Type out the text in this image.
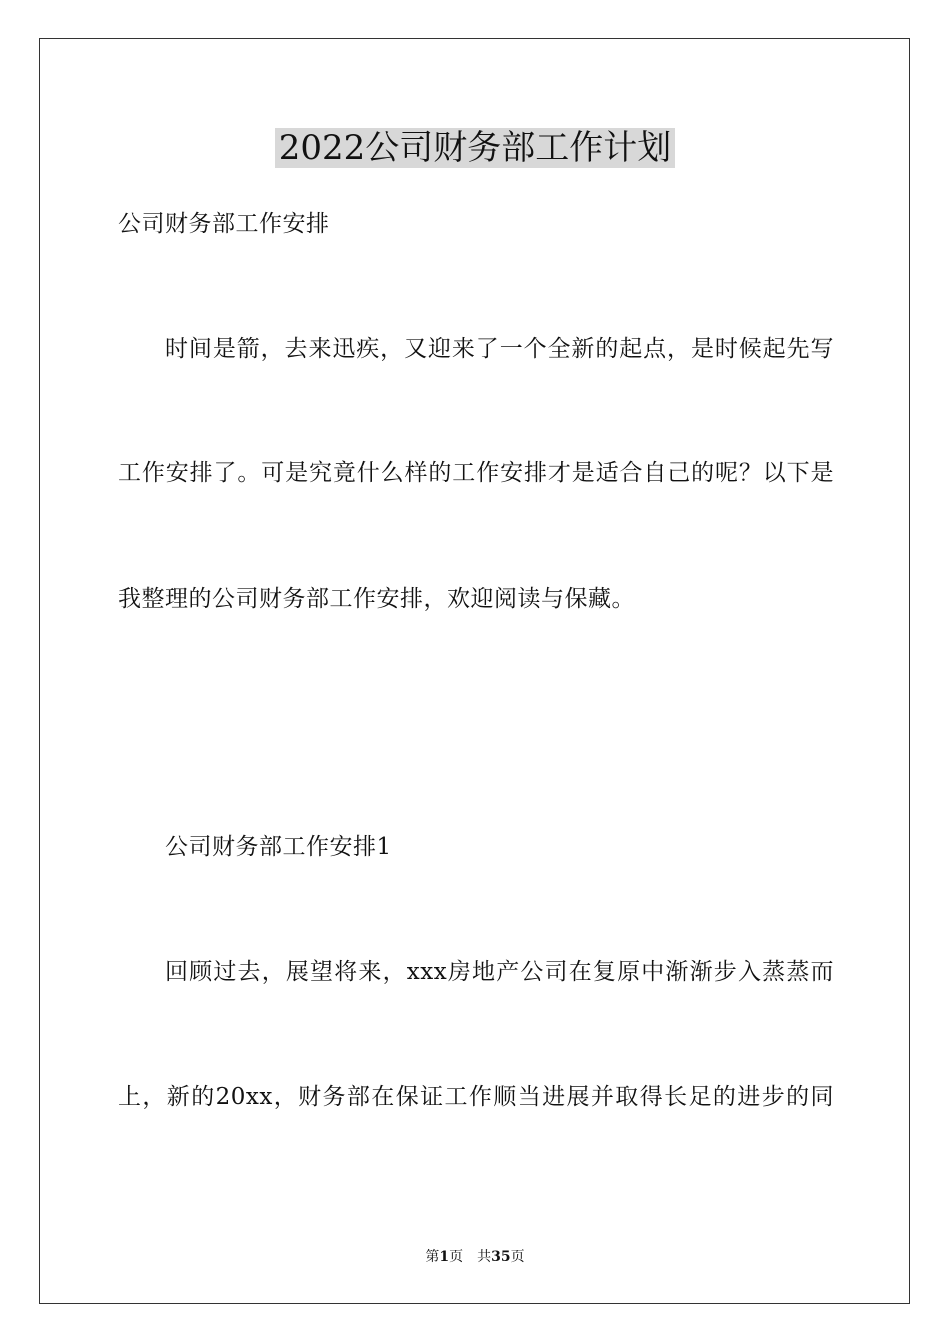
2022公司财务部工作计划
公司财务部工作安排
时间是箭，去来迅疾，又迎来了一个全新的起点，是时候起先写
工作安排了。可是究竟什么样的工作安排才是适合自己的呢？以下是
我整理的公司财务部工作安排，欢迎阅读与保藏。
公司财务部工作安排1
回顾过去，展望将来，xxx房地产公司在复原中渐渐步入蒸蒸而
上，新的20xx，财务部在保证工作顺当进展并取得长足的进步的同
第1页 共35页
